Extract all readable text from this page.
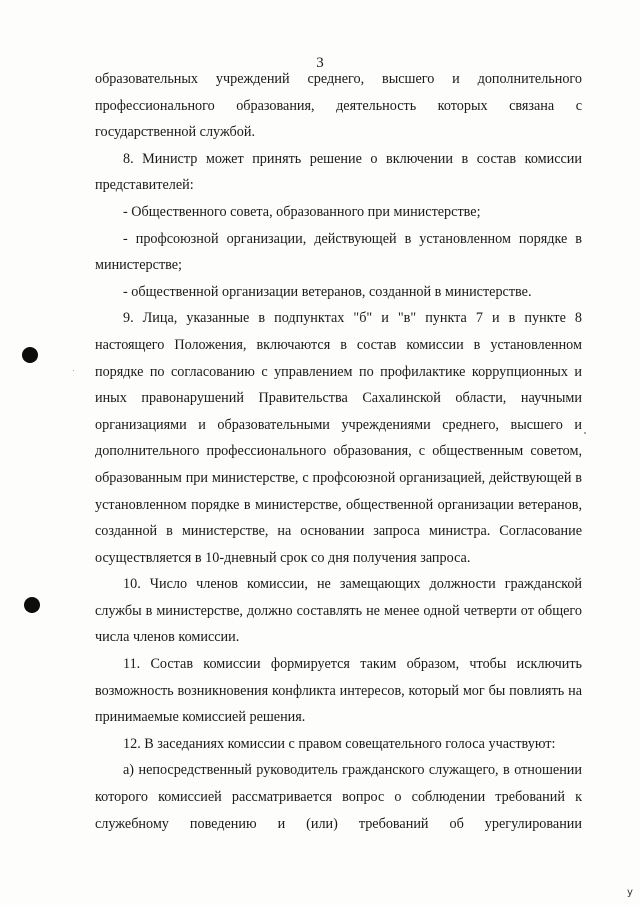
3

образовательных учреждений среднего, высшего и дополнительного профессионального образования, деятельность которых связана с государственной службой.

8. Министр может принять решение о включении в состав комиссии представителей:

- Общественного совета, образованного при министерстве;

- профсоюзной организации, действующей в установленном порядке в министерстве;

- общественной организации ветеранов, созданной в министерстве.

9. Лица, указанные в подпунктах "б" и "в" пункта 7 и в пункте 8 настоящего Положения, включаются в состав комиссии в установленном порядке по согласованию с управлением по профилактике коррупционных и иных правонарушений Правительства Сахалинской области, научными организациями и образовательными учреждениями среднего, высшего и дополнительного профессионального образования, с общественным советом, образованным при министерстве, с профсоюзной организацией, действующей в установленном порядке в министерстве, общественной организации ветеранов, созданной в министерстве, на основании запроса министра. Согласование осуществляется в 10-дневный срок со дня получения запроса.

10. Число членов комиссии, не замещающих должности гражданской службы в министерстве, должно составлять не менее одной четверти от общего числа членов комиссии.

11. Состав комиссии формируется таким образом, чтобы исключить возможность возникновения конфликта интересов, который мог бы повлиять на принимаемые комиссией решения.

12. В заседаниях комиссии с правом совещательного голоса участвуют:

а) непосредственный руководитель гражданского служащего, в отношении которого комиссией рассматривается вопрос о соблюдении требований к служебному поведению и (или) требований об урегулировании

у
